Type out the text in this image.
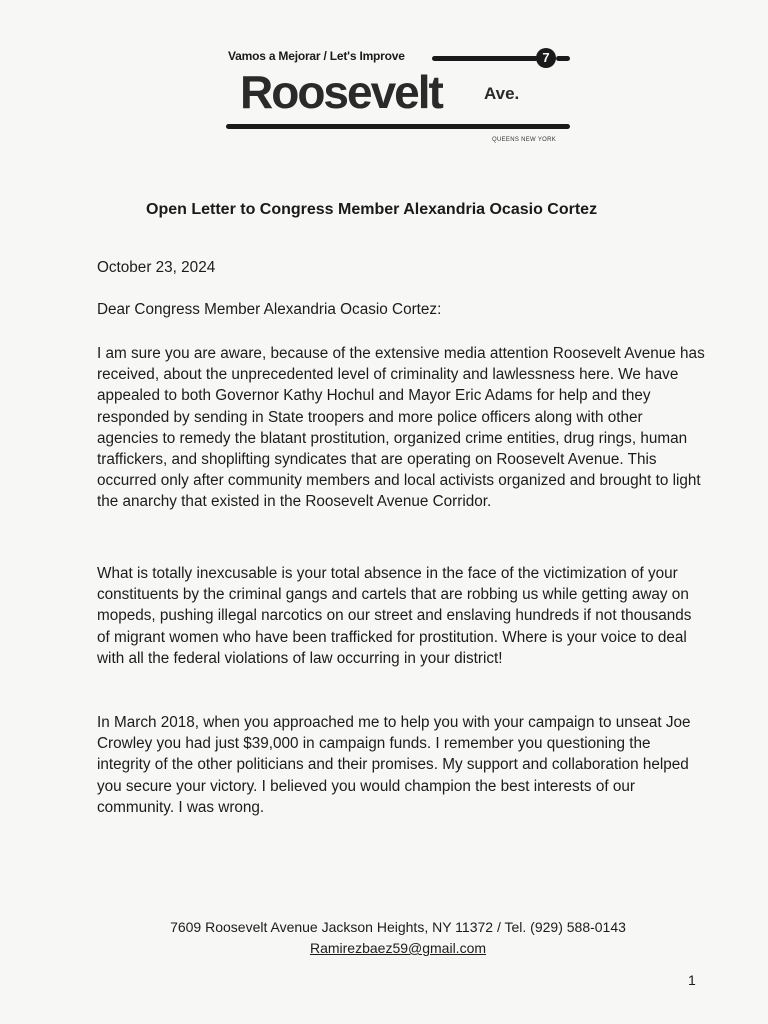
Vamos a Mejorar / Let's Improve	7
Roosevelt Ave.
QUEENS NEW YORK
Open Letter to Congress Member Alexandria Ocasio Cortez
October 23, 2024
Dear Congress Member Alexandria Ocasio Cortez:
I am sure you are aware, because of the extensive media attention Roosevelt Avenue has received, about the unprecedented level of criminality and lawlessness here. We have appealed to both Governor Kathy Hochul and Mayor Eric Adams for help and they responded by sending in State troopers and more police officers along with other agencies to remedy the blatant prostitution, organized crime entities, drug rings, human traffickers, and shoplifting syndicates that are operating on Roosevelt Avenue. This occurred only after community members and local activists organized and brought to light the anarchy that existed in the Roosevelt Avenue Corridor.
What is totally inexcusable is your total absence in the face of the victimization of your constituents by the criminal gangs and cartels that are robbing us while getting away on mopeds, pushing illegal narcotics on our street and enslaving hundreds if not thousands of migrant women who have been trafficked for prostitution. Where is your voice to deal with all the federal violations of law occurring in your district!
In March 2018, when you approached me to help you with your campaign to unseat Joe Crowley you had just $39,000 in campaign funds. I remember you questioning the integrity of the other politicians and their promises. My support and collaboration helped you secure your victory. I believed you would champion the best interests of our community. I was wrong.
7609 Roosevelt Avenue Jackson Heights, NY 11372 / Tel. (929) 588-0143
Ramirezbaez59@gmail.com
1
